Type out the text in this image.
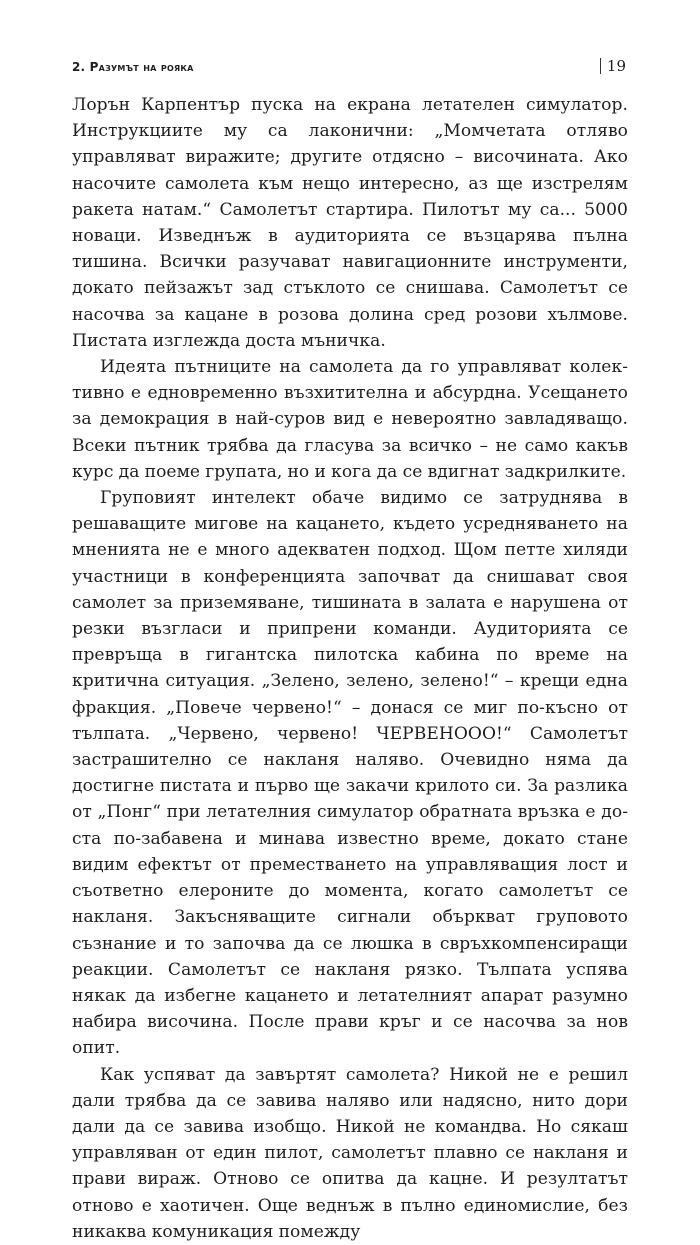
2. Разумът на рояка	19

Лорън Карпентър пуска на екрана летателен симулатор. Инструкциите му са лаконични: „Момчетата отляво управляват виражите; другите отдясно – височината. Ако насочите самолета към нещо интересно, аз ще изстрелям ракета натам.“ Самолетът стартира. Пилотът му са... 5000 новаци. Изведнъж в аудиторията се възцарява пълна тишина. Всички разучават навигационните инструменти, докато пейзажът зад стъклото се снишава. Самолетът се насочва за кацане в розова долина сред розови хълмове. Пистата изглежда доста мъничка.

Идеята пътниците на самолета да го управляват колективно е едновременно възхитителна и абсурдна. Усещането за демокрация в най-суров вид е невероятно завладяващо. Всеки пътник трябва да гласува за всичко – не само какъв курс да поеме групата, но и кога да се вдигнат задкрилките.

Груповият интелект обаче видимо се затруднява в решаващите мигове на кацането, където усредняването на мненията не е много адекватен подход. Щом петте хиляди участници в конференцията започват да снишават своя самолет за приземяване, тишината в залата е нарушена от резки възгласи и припрени команди. Аудиторията се превръща в гигантска пилотска кабина по време на критична ситуация. „Зелено, зелено, зелено!“ – крещи една фракция. „Повече червено!“ – донася се миг по-късно от тълпата. „Червено, червено! ЧЕРВЕНООО!“ Самолетът застрашително се накланя наляво. Очевидно няма да достигне пистата и първо ще закачи крилото си. За разлика от „Понг“ при летателния симулатор обратната връзка е доста по-забавена и минава известно време, докато стане видим ефектът от преместването на управляващия лост и съответно елероните до момента, когато самолетът се накланя. Закъсняващите сигнали объркват груповото съзнание и то започва да се люшка в свръхкомпенсиращи реакции. Самолетът се накланя рязко. Тълпата успява някак да избегне кацането и летателният апарат разумно набира височина. После прави кръг и се насочва за нов опит.

Как успяват да завъртят самолета? Никой не е решил дали трябва да се завива наляво или надясно, нито дори дали да се завива изобщо. Никой не командва. Но сякаш управляван от един пилот, самолетът плавно се накланя и прави вираж. Отново се опитва да кацне. И резултатът отново е хаотичен. Още веднъж в пълно единомислие, без никаква комуникация помежду
